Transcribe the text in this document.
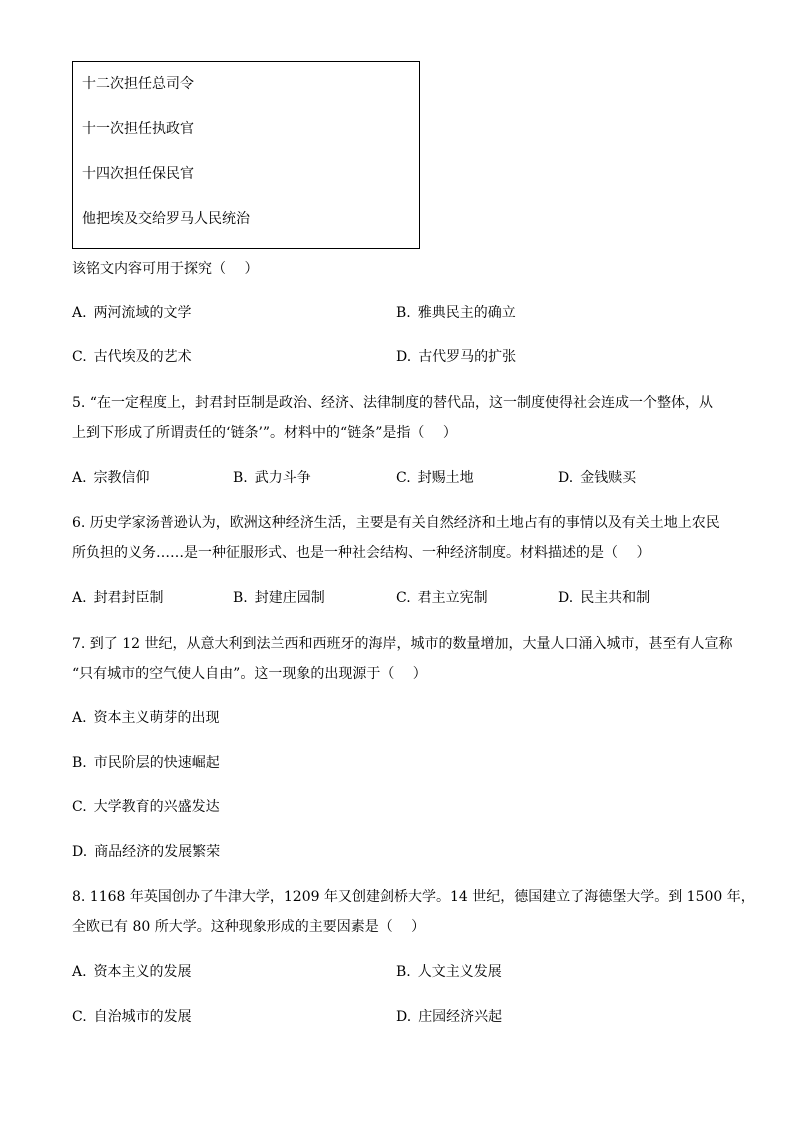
十二次担任总司令
十一次担任执政官
十四次担任保民官
他把埃及交给罗马人民统治
该铭文内容可用于探究（　 ）
A. 两河流域的文学	B. 雅典民主的确立
C. 古代埃及的艺术	D. 古代罗马的扩张
5. “在一定程度上，封君封臣制是政治、经济、法律制度的替代品，这一制度使得社会连成一个整体，从
上到下形成了所谓责任的‘链条’”。材料中的“链条”是指（　 ）
A. 宗教信仰	B. 武力斗争	C. 封赐土地	D. 金钱赎买
6. 历史学家汤普逊认为，欧洲这种经济生活，主要是有关自然经济和土地占有的事情以及有关土地上农民
所负担的义务……是一种征服形式、也是一种社会结构、一种经济制度。材料描述的是（　 ）
A. 封君封臣制	B. 封建庄园制	C. 君主立宪制	D. 民主共和制
7. 到了 12 世纪，从意大利到法兰西和西班牙的海岸，城市的数量增加，大量人口涌入城市，甚至有人宣称
“只有城市的空气使人自由”。这一现象的出现源于（　 ）
A. 资本主义萌芽的出现
B. 市民阶层的快速崛起
C. 大学教育的兴盛发达
D. 商品经济的发展繁荣
8. 1168 年英国创办了牛津大学，1209 年又创建剑桥大学。14 世纪，德国建立了海德堡大学。到 1500 年，
全欧已有 80 所大学。这种现象形成的主要因素是（　 ）
A. 资本主义的发展	B. 人文主义发展
C. 自治城市的发展	D. 庄园经济兴起
